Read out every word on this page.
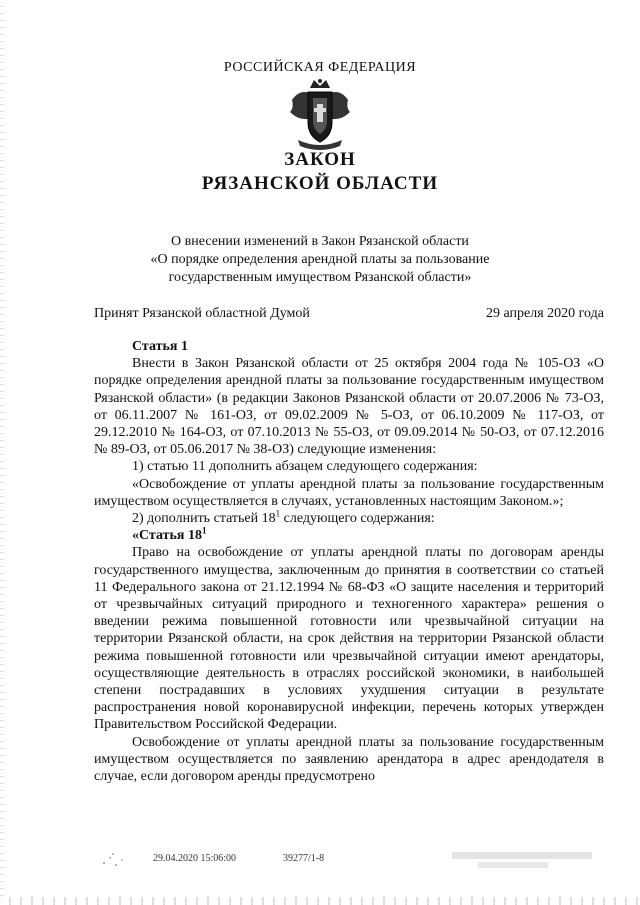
РОССИЙСКАЯ ФЕДЕРАЦИЯ
ЗАКОН
РЯЗАНСКОЙ ОБЛАСТИ
О внесении изменений в Закон Рязанской области
«О порядке определения арендной платы за пользование
государственным имуществом Рязанской области»
Принят Рязанской областной Думой	29 апреля 2020 года

Статья 1

Внести в Закон Рязанской области от 25 октября 2004 года № 105-ОЗ «О порядке определения арендной платы за пользование государственным имуществом Рязанской области» (в редакции Законов Рязанской области от 20.07.2006 № 73-ОЗ, от 06.11.2007 № 161-ОЗ, от 09.02.2009 № 5-ОЗ, от 06.10.2009 № 117-ОЗ, от 29.12.2010 № 164-ОЗ, от 07.10.2013 № 55-ОЗ, от 09.09.2014 № 50-ОЗ, от 07.12.2016 № 89-ОЗ, от 05.06.2017 № 38-ОЗ) следующие изменения:

1) статью 11 дополнить абзацем следующего содержания:

«Освобождение от уплаты арендной платы за пользование государственным имуществом осуществляется в случаях, установленных настоящим Законом.»;

2) дополнить статьей $18^1$ следующего содержания:

«Статья $18^1$

Право на освобождение от уплаты арендной платы по договорам аренды государственного имущества, заключенным до принятия в соответствии со статьей 11 Федерального закона от 21.12.1994 № 68-ФЗ «О защите населения и территорий от чрезвычайных ситуаций природного и техногенного характера» решения о введении режима повышенной готовности или чрезвычайной ситуации на территории Рязанской области, на срок действия на территории Рязанской области режима повышенной готовности или чрезвычайной ситуации имеют арендаторы, осуществляющие деятельность в отраслях российской экономики, в наибольшей степени пострадавших в условиях ухудшения ситуации в результате распространения новой коронавирусной инфекции, перечень которых утвержден Правительством Российской Федерации.

Освобождение от уплаты арендной платы за пользование государственным имуществом осуществляется по заявлению арендатора в адрес арендодателя в случае, если договором аренды предусмотрено

29.04.2020 15:06:00	39277/1-8
